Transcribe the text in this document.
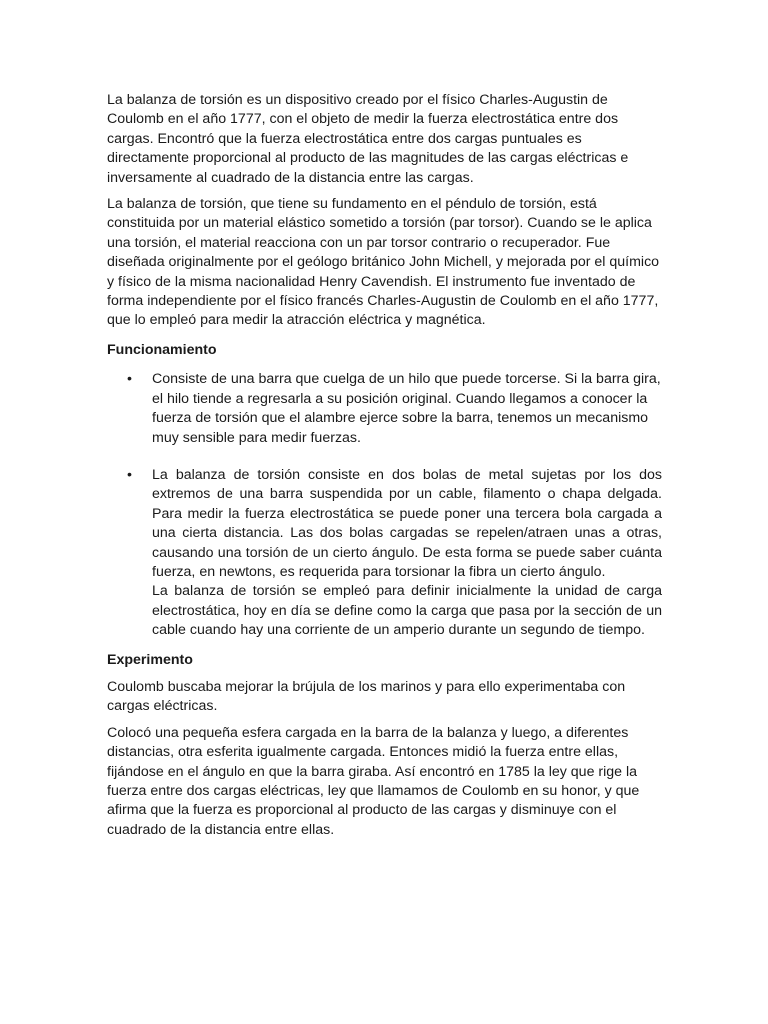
La balanza de torsión es un dispositivo creado por el físico Charles-Augustin de Coulomb en el año 1777, con el objeto de medir la fuerza electrostática entre dos cargas. Encontró que la fuerza electrostática entre dos cargas puntuales es directamente proporcional al producto de las magnitudes de las cargas eléctricas e inversamente al cuadrado de la distancia entre las cargas.

La balanza de torsión, que tiene su fundamento en el péndulo de torsión, está constituida por un material elástico sometido a torsión (par torsor). Cuando se le aplica una torsión, el material reacciona con un par torsor contrario o recuperador. Fue diseñada originalmente por el geólogo británico John Michell, y mejorada por el químico y físico de la misma nacionalidad Henry Cavendish. El instrumento fue inventado de forma independiente por el físico francés Charles-Augustin de Coulomb en el año 1777, que lo empleó para medir la atracción eléctrica y magnética.

Funcionamiento
• Consiste de una barra que cuelga de un hilo que puede torcerse. Si la barra gira, el hilo tiende a regresarla a su posición original. Cuando llegamos a conocer la fuerza de torsión que el alambre ejerce sobre la barra, tenemos un mecanismo muy sensible para medir fuerzas.
• La balanza de torsión consiste en dos bolas de metal sujetas por los dos extremos de una barra suspendida por un cable, filamento o chapa delgada. Para medir la fuerza electrostática se puede poner una tercera bola cargada a una cierta distancia. Las dos bolas cargadas se repelen/atraen unas a otras, causando una torsión de un cierto ángulo. De esta forma se puede saber cuánta fuerza, en newtons, es requerida para torsionar la fibra un cierto ángulo.

La balanza de torsión se empleó para definir inicialmente la unidad de carga electrostática, hoy en día se define como la carga que pasa por la sección de un cable cuando hay una corriente de un amperio durante un segundo de tiempo.

Experimento

Coulomb buscaba mejorar la brújula de los marinos y para ello experimentaba con cargas eléctricas.

Colocó una pequeña esfera cargada en la barra de la balanza y luego, a diferentes distancias, otra esferita igualmente cargada. Entonces midió la fuerza entre ellas, fijándose en el ángulo en que la barra giraba. Así encontró en 1785 la ley que rige la fuerza entre dos cargas eléctricas, ley que llamamos de Coulomb en su honor, y que afirma que la fuerza es proporcional al producto de las cargas y disminuye con el cuadrado de la distancia entre ellas.
